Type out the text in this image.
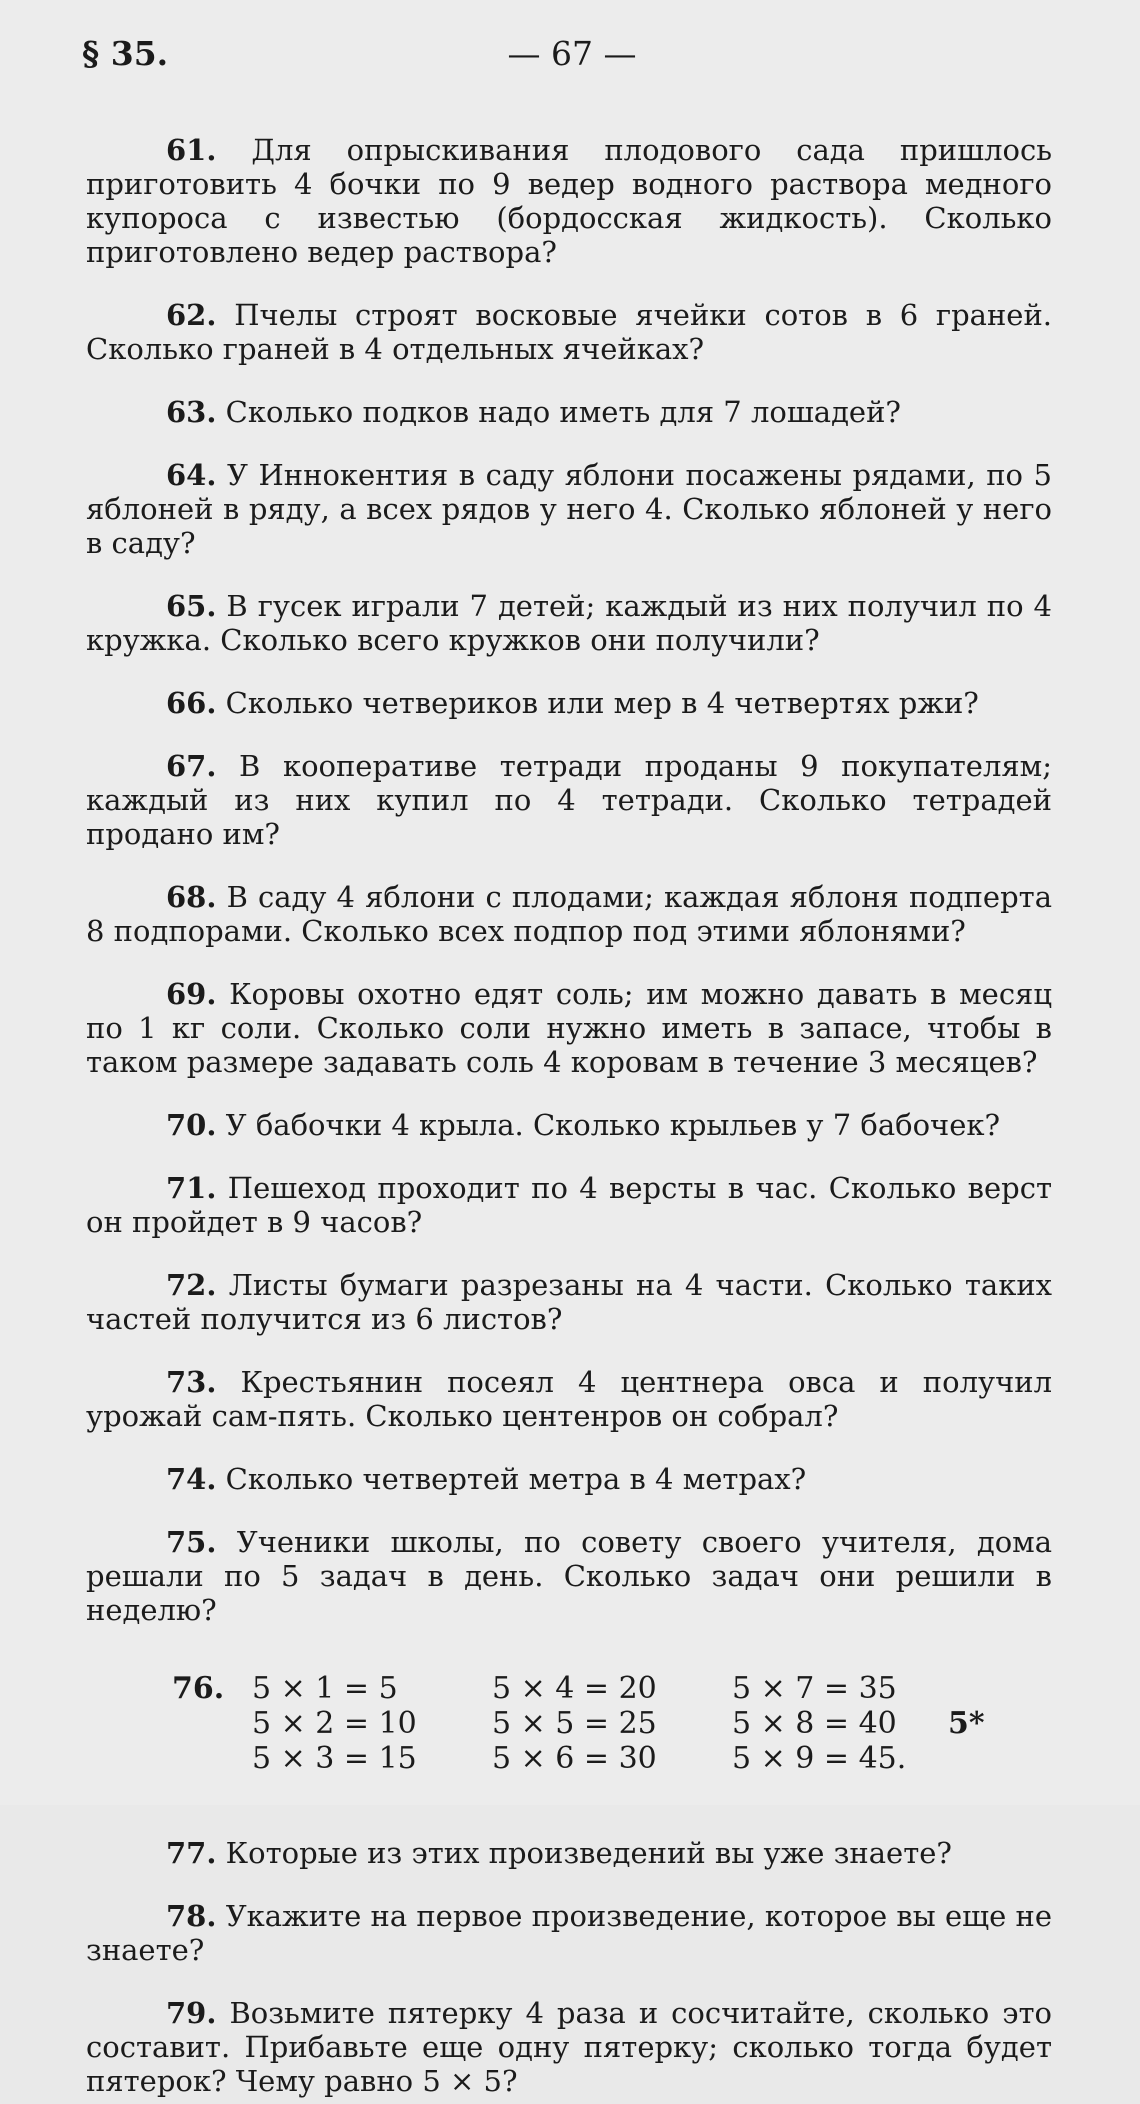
§ 35.	— 67 —

61. Для опрыскивания плодового сада пришлось приготовить 4 бочки по 9 ведер водного раствора медного купороса с известью (бордосская жидкость). Сколько приготовлено ведер раствора?

62. Пчелы строят восковые ячейки сотов в 6 граней. Сколько граней в 4 отдельных ячейках?

63. Сколько подков надо иметь для 7 лошадей?

64. У Иннокентия в саду яблони посажены рядами, по 5 яблоней в ряду, а всех рядов у него 4. Сколько яблоней у него в саду?

65. В гусек играли 7 детей; каждый из них получил по 4 кружка. Сколько всего кружков они получили?

66. Сколько четвериков или мер в 4 четвертях ржи?

67. В кооперативе тетради проданы 9 покупателям; каждый из них купил по 4 тетради. Сколько тетрадей продано им?

68. В саду 4 яблони с плодами; каждая яблоня подперта 8 подпорами. Сколько всех подпор под этими яблонями?

69. Коровы охотно едят соль; им можно давать в месяц по 1 кг соли. Сколько соли нужно иметь в запасе, чтобы в таком размере задавать соль 4 коровам в течение 3 месяцев?

70. У бабочки 4 крыла. Сколько крыльев у 7 бабочек?

71. Пешеход проходит по 4 версты в час. Сколько верст он пройдет в 9 часов?

72. Листы бумаги разрезаны на 4 части. Сколько таких частей получится из 6 листов?

73. Крестьянин посеял 4 центнера овса и получил урожай сам-пять. Сколько центенров он собрал?

74. Сколько четвертей метра в 4 метрах?

75. Ученики школы, по совету своего учителя, дома решали по 5 задач в день. Сколько задач они решили в неделю?

76. 5 × 1 = 5
5 × 2 = 10
5 × 3 = 15
5 × 4 = 20
5 × 5 = 25
5 × 6 = 30
5 × 7 = 35
5 × 8 = 40
5 × 9 = 45.

77. Которые из этих произведений вы уже знаете?

78. Укажите на первое произведение, которое вы еще не знаете?

79. Возьмите пятерку 4 раза и сосчитайте, сколько это составит. Прибавьте еще одну пятерку; сколько тогда будет пятерок? Чему равно 5 × 5?

5*
